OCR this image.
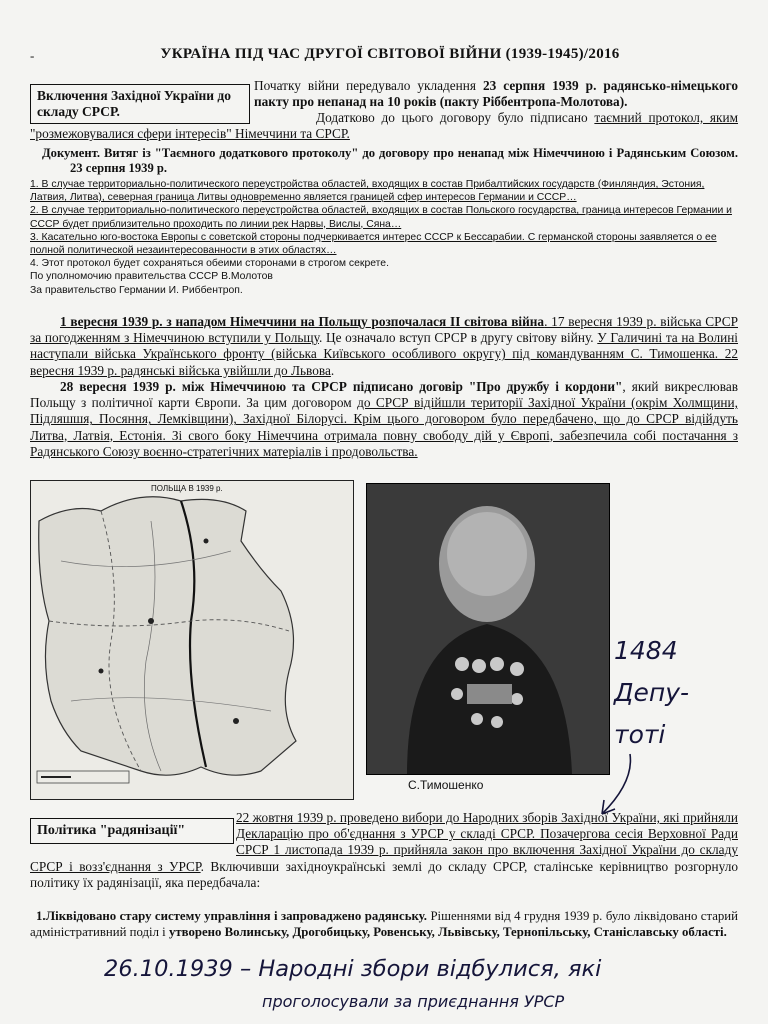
-	УКРАЇНА ПІД ЧАС ДРУГОЇ СВІТОВОЇ ВІЙНИ (1939-1945)/2016
Включення Західної України до складу СРСР.
Початку війни передувало укладення 23 серпня 1939 р. радянсько-німецького пакту про непанад на 10 років (пакту Ріббентропа-Молотова).
Додатково до цього договору було підписано таємний протокол, яким "розмежовувалися сфери інтересів" Німеччини та СРСР.
Документ. Витяг із "Таємного додаткового протоколу" до договору про ненапад між Німеччиною і Радянським Союзом. 23 серпня 1939 р.
1. В случае территориально-политического переустройства областей, входящих в состав Прибалтийских государств (Финляндия, Эстония, Латвия, Литва), северная граница Литвы одновременно является границей сфер интересов Германии и СССР…
2. В случае территориально-политического переустройства областей, входящих в состав Польского государства, граница интересов Германии и СССР будет приблизительно проходить по линии рек Нарвы, Вислы, Сяна…
3. Касательно юго-востока Европы с советской стороны подчеркивается интерес СССР к Бессарабии. С германской стороны заявляется о ее полной политической незаинтересованности в этих областях…
4. Этот протокол будет сохраняться обеими сторонами в строгом секрете.
По уполномочию правительства СССР В.Молотов
За правительство Германии И. Риббентроп.
1 вересня 1939 р. з нападом Німеччини на Польщу розпочалася ІІ світова війна. 17 вересня 1939 р. війська СРСР за погодженням з Німеччиною вступили у Польщу. Це означало вступ СРСР в другу світову війну. У Галичині та на Волині наступали війська Українського фронту (війська Київського особливого округу) під командуванням С. Тимошенка. 22 вересня 1939 р. радянські війська увійшли до Львова.
28 вересня 1939 р. між Німеччиною та СРСР підписано договір "Про дружбу і кордони", який викреслював Польщу з політичної карти Європи. За цим договором до СРСР відійшли території Західної України (окрім Холмщини, Підляшшя, Посяння, Лемківщини), Західної Білорусі. Крім цього договором було передбачено, що до СРСР відійдуть Литва, Латвія, Естонія. Зі свого боку Німеччина отримала повну свободу дій у Європі, забезпечила собі постачання з Радянського Союзу воєнно-стратегічних матеріалів і продовольства.
ПОЛЬЩА В 1939 р.
С.Тимошенко
1484
Депу-
тоті
Політика "радянізації"
22 жовтня 1939 р. проведено вибори до Народних зборів Західної України, які прийняли Декларацію про об'єднання з УРСР у складі СРСР. Позачергова сесія Верховної Ради СРСР 1 листопада 1939 р. прийняла закон про включення Західної України до складу СРСР і возз'єднання з УРСР. Включивши західноукраїнські землі до складу СРСР, сталінське керівництво розгорнуло політику їх радянізації, яка передбачала:
1.Ліквідовано стару систему управління і запроваджено радянську. Рішеннями від 4 грудня 1939 р. було ліквідовано старий адміністративний поділ і утворено Волинську, Дрогобицьку, Ровенську, Львівську, Тернопільську, Станіславську області.
26.10.1939 – Народні збори відбулися, які
проголосували за приєднання УРСР
